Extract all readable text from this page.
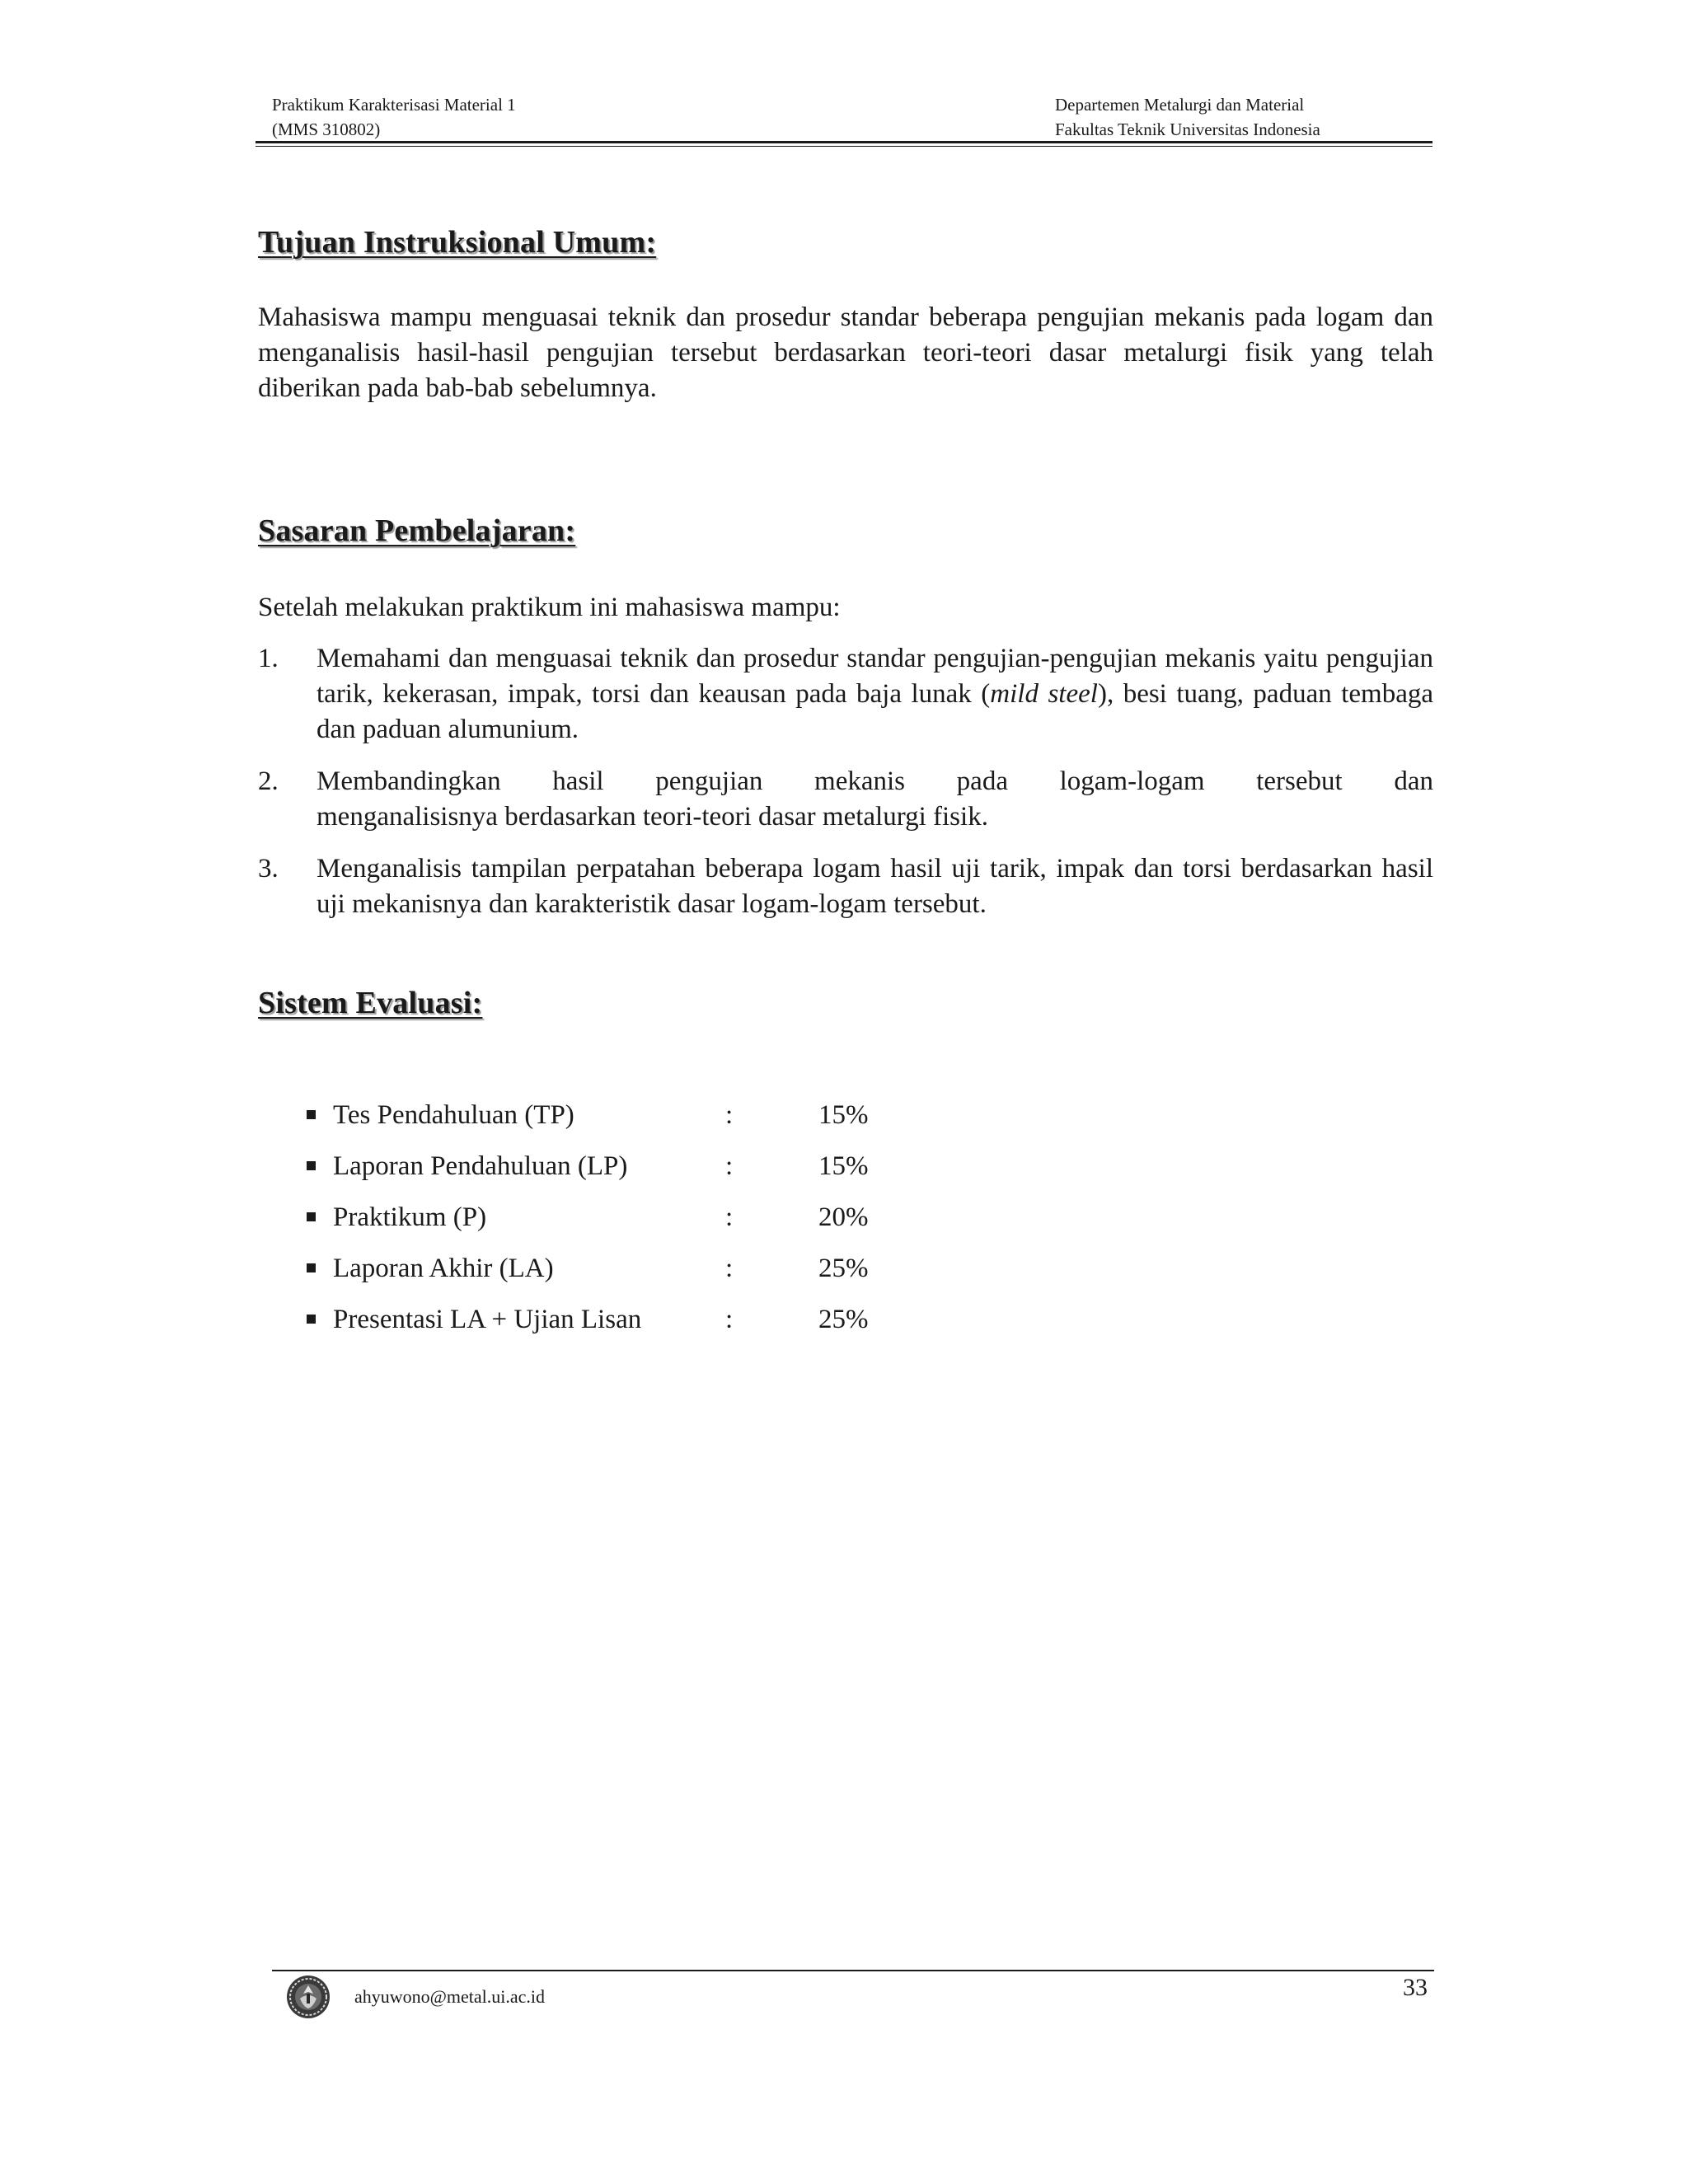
Praktikum Karakterisasi Material 1
(MMS 310802)
Departemen Metalurgi dan Material
Fakultas Teknik Universitas Indonesia
Tujuan Instruksional Umum:

Mahasiswa mampu menguasai teknik dan prosedur standar beberapa pengujian mekanis pada logam dan menganalisis hasil-hasil pengujian tersebut berdasarkan teori-teori dasar metalurgi fisik yang telah diberikan pada bab-bab sebelumnya.

Sasaran Pembelajaran:

Setelah melakukan praktikum ini mahasiswa mampu:

1. Memahami dan menguasai teknik dan prosedur standar pengujian-pengujian mekanis yaitu pengujian tarik, kekerasan, impak, torsi dan keausan pada baja lunak (mild steel), besi tuang, paduan tembaga dan paduan alumunium.
2. Membandingkan hasil pengujian mekanis pada logam-logam tersebut dan
menganalisisnya berdasarkan teori-teori dasar metalurgi fisik.
3. Menganalisis tampilan perpatahan beberapa logam hasil uji tarik, impak dan torsi berdasarkan hasil uji mekanisnya dan karakteristik dasar logam-logam tersebut.
Sistem Evaluasi:
Tes Pendahuluan (TP)	:	15%
Laporan Pendahuluan (LP)	:	15%
Praktikum (P)	:	20%
Laporan Akhir (LA)	:	25%
Presentasi LA + Ujian Lisan	:	25%
ahyuwono@metal.ui.ac.id	33
